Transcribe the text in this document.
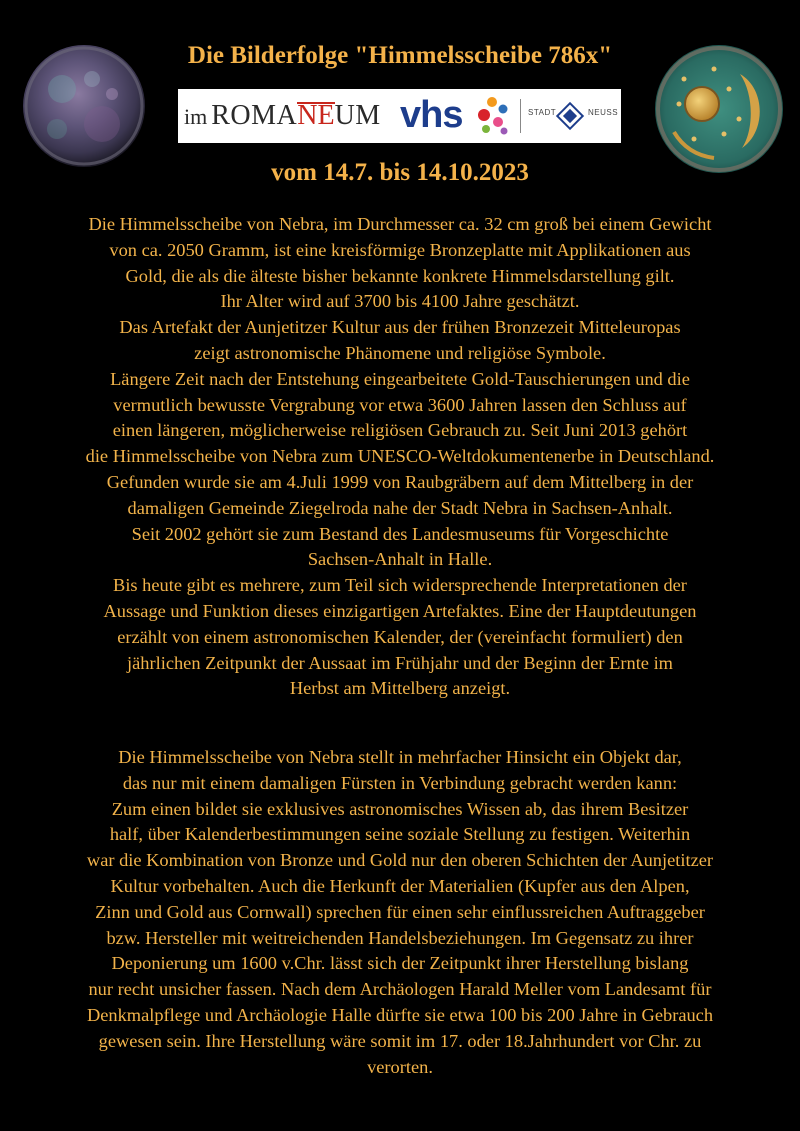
Die Bilderfolge "Himmelsscheibe 786x"
im ROMANEUM vhs	STADT	NEUSS
vom 14.7. bis 14.10.2023
Die Himmelsscheibe von Nebra, im Durchmesser ca. 32 cm groß bei einem Gewicht
von ca. 2050 Gramm, ist eine kreisförmige Bronzeplatte mit Applikationen aus
Gold, die als die älteste bisher bekannte konkrete Himmelsdarstellung gilt.
Ihr Alter wird auf 3700 bis 4100 Jahre geschätzt.
Das Artefakt der Aunjetitzer Kultur aus der frühen Bronzezeit Mitteleuropas
zeigt astronomische Phänomene und religiöse Symbole.
Längere Zeit nach der Entstehung eingearbeitete Gold-Tauschierungen und die
vermutlich bewusste Vergrabung vor etwa 3600 Jahren lassen den Schluss auf
einen längeren, möglicherweise religiösen Gebrauch zu. Seit Juni 2013 gehört
die Himmelsscheibe von Nebra zum UNESCO-Weltdokumentenerbe in Deutschland.
Gefunden wurde sie am 4.Juli 1999 von Raubgräbern auf dem Mittelberg in der
damaligen Gemeinde Ziegelroda nahe der Stadt Nebra in Sachsen-Anhalt.
Seit 2002 gehört sie zum Bestand des Landesmuseums für Vorgeschichte
Sachsen-Anhalt in Halle.
Bis heute gibt es mehrere, zum Teil sich widersprechende Interpretationen der
Aussage und Funktion dieses einzigartigen Artefaktes. Eine der Hauptdeutungen
erzählt von einem astronomischen Kalender, der (vereinfacht formuliert) den
jährlichen Zeitpunkt der Aussaat im Frühjahr und der Beginn der Ernte im
Herbst am Mittelberg anzeigt.
Die Himmelsscheibe von Nebra stellt in mehrfacher Hinsicht ein Objekt dar,
das nur mit einem damaligen Fürsten in Verbindung gebracht werden kann:
Zum einen bildet sie exklusives astronomisches Wissen ab, das ihrem Besitzer
half, über Kalenderbestimmungen seine soziale Stellung zu festigen. Weiterhin
war die Kombination von Bronze und Gold nur den oberen Schichten der Aunjetitzer
Kultur vorbehalten. Auch die Herkunft der Materialien (Kupfer aus den Alpen,
Zinn und Gold aus Cornwall) sprechen für einen sehr einflussreichen Auftraggeber
bzw. Hersteller mit weitreichenden Handelsbeziehungen. Im Gegensatz zu ihrer
Deponierung um 1600 v.Chr. lässt sich der Zeitpunkt ihrer Herstellung bislang
nur recht unsicher fassen. Nach dem Archäologen Harald Meller vom Landesamt für
Denkmalpflege und Archäologie Halle dürfte sie etwa 100 bis 200 Jahre in Gebrauch
gewesen sein. Ihre Herstellung wäre somit im 17. oder 18.Jahrhundert vor Chr. zu
verorten.
